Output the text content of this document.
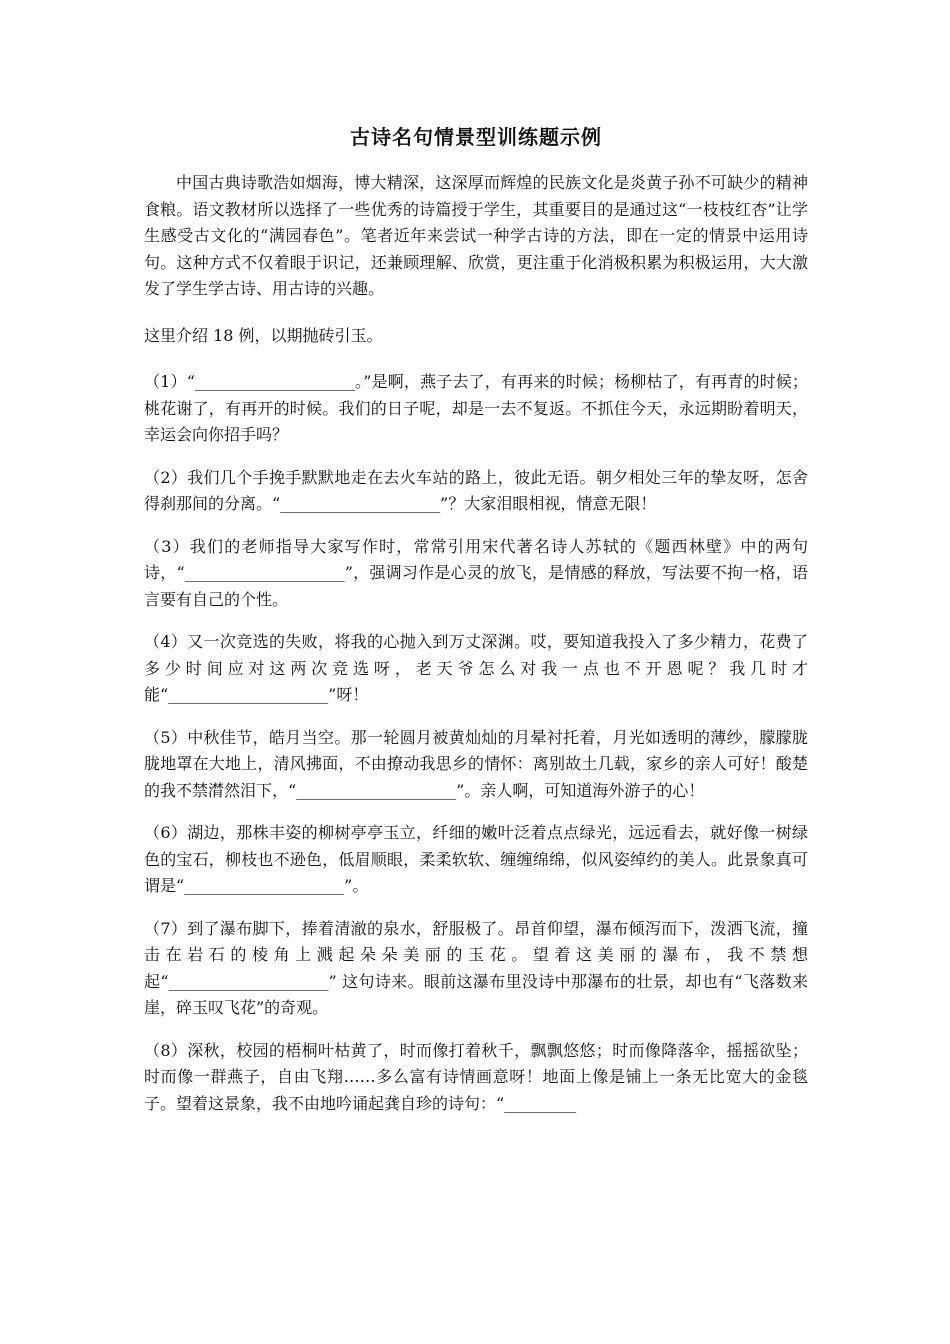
古诗名句情景型训练题示例

中国古典诗歌浩如烟海，博大精深，这深厚而辉煌的民族文化是炎黄子孙不可缺少的精神食粮。语文教材所以选择了一些优秀的诗篇授于学生，其重要目的是通过这“一枝枝红杏”让学生感受古文化的“满园春色”。笔者近年来尝试一种学古诗的方法，即在一定的情景中运用诗句。这种方式不仅着眼于识记，还兼顾理解、欣赏，更注重于化消极积累为积极运用，大大激发了学生学古诗、用古诗的兴趣。

这里介绍 18 例，以期抛砖引玉。

（1）“____________________。”是啊，燕子去了，有再来的时候；杨柳枯了，有再青的时候；桃花谢了，有再开的时候。我们的日子呢，却是一去不复返。不抓住今天，永远期盼着明天，幸运会向你招手吗？

（2）我们几个手挽手默默地走在去火车站的路上，彼此无语。朝夕相处三年的挚友呀，怎舍得刹那间的分离。“____________________”？大家泪眼相视，情意无限！

（3）我们的老师指导大家写作时，常常引用宋代著名诗人苏轼的《题西林壁》中的两句诗，“____________________”，强调习作是心灵的放飞，是情感的释放，写法要不拘一格，语言要有自己的个性。

（4）又一次竞选的失败，将我的心抛入到万丈深渊。哎，要知道我投入了多少精力，花费了多少时间应对这两次竞选呀，老天爷怎么对我一点也不开恩呢？我几时才能“____________________”呀！

（5）中秋佳节，皓月当空。那一轮圆月被黄灿灿的月晕衬托着，月光如透明的薄纱，朦朦胧胧地罩在大地上，清风拂面，不由撩动我思乡的情怀：离别故土几载，家乡的亲人可好！酸楚的我不禁潸然泪下，“____________________”。亲人啊，可知道海外游子的心！

（6）湖边，那株丰姿的柳树亭亭玉立，纤细的嫩叶泛着点点绿光，远远看去，就好像一树绿色的宝石，柳枝也不逊色，低眉顺眼，柔柔软软、缠缠绵绵，似风姿绰约的美人。此景象真可谓是“____________________”。

（7）到了瀑布脚下，捧着清澈的泉水，舒服极了。昂首仰望，瀑布倾泻而下，泼洒飞流，撞击在岩石的棱角上溅起朵朵美丽的玉花。望着这美丽的瀑布，我不禁想起“____________________” 这句诗来。眼前这瀑布里没诗中那瀑布的壮景，却也有“飞落数来崖，碎玉叹飞花”的奇观。

（8）深秋，校园的梧桐叶枯黄了，时而像打着秋千，飘飘悠悠；时而像降落伞，摇摇欲坠；时而像一群燕子，自由飞翔……多么富有诗情画意呀！地面上像是铺上一条无比宽大的金毯子。望着这景象，我不由地吟诵起龚自珍的诗句：“_________
